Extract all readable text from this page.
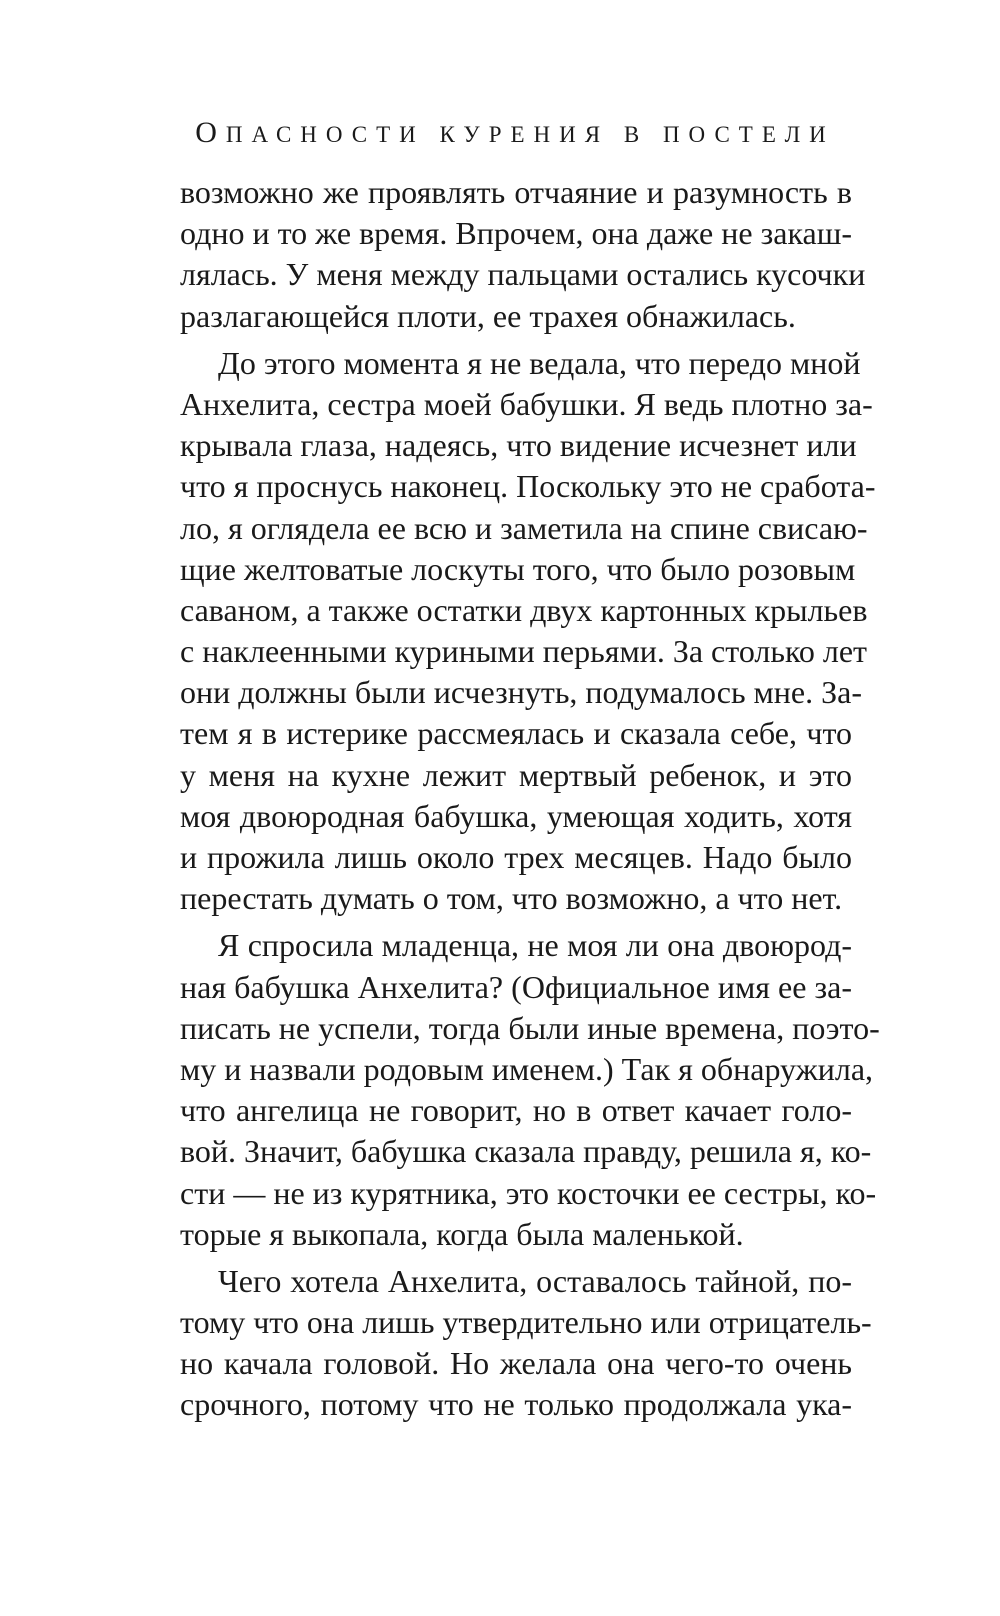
ОПАСНОСТИ КУРЕНИЯ В ПОСТЕЛИ
возможно же проявлять отчаяние и разумность в
одно и то же время. Впрочем, она даже не закаш-
лялась. У меня между пальцами остались кусочки
разлагающейся плоти, ее трахея обнажилась.
До этого момента я не ведала, что передо мной
Анхелита, сестра моей бабушки. Я ведь плотно за-
крывала глаза, надеясь, что видение исчезнет или
что я проснусь наконец. Поскольку это не сработа-
ло, я оглядела ее всю и заметила на спине свисаю-
щие желтоватые лоскуты того, что было розовым
саваном, а также остатки двух картонных крыльев
с наклеенными куриными перьями. За столько лет
они должны были исчезнуть, подумалось мне. За-
тем я в истерике рассмеялась и сказала себе, что
у меня на кухне лежит мертвый ребенок, и это
моя двоюродная бабушка, умеющая ходить, хотя
и прожила лишь около трех месяцев. Надо было
перестать думать о том, что возможно, а что нет.
Я спросила младенца, не моя ли она двоюрод-
ная бабушка Анхелита? (Официальное имя ее за-
писать не успели, тогда были иные времена, поэто-
му и назвали родовым именем.) Так я обнаружила,
что ангелица не говорит, но в ответ качает голо-
вой. Значит, бабушка сказала правду, решила я, ко-
сти — не из курятника, это косточки ее сестры, ко-
торые я выкопала, когда была маленькой.
Чего хотела Анхелита, оставалось тайной, по-
тому что она лишь утвердительно или отрицатель-
но качала головой. Но желала она чего-то очень
срочного, потому что не только продолжала ука-
